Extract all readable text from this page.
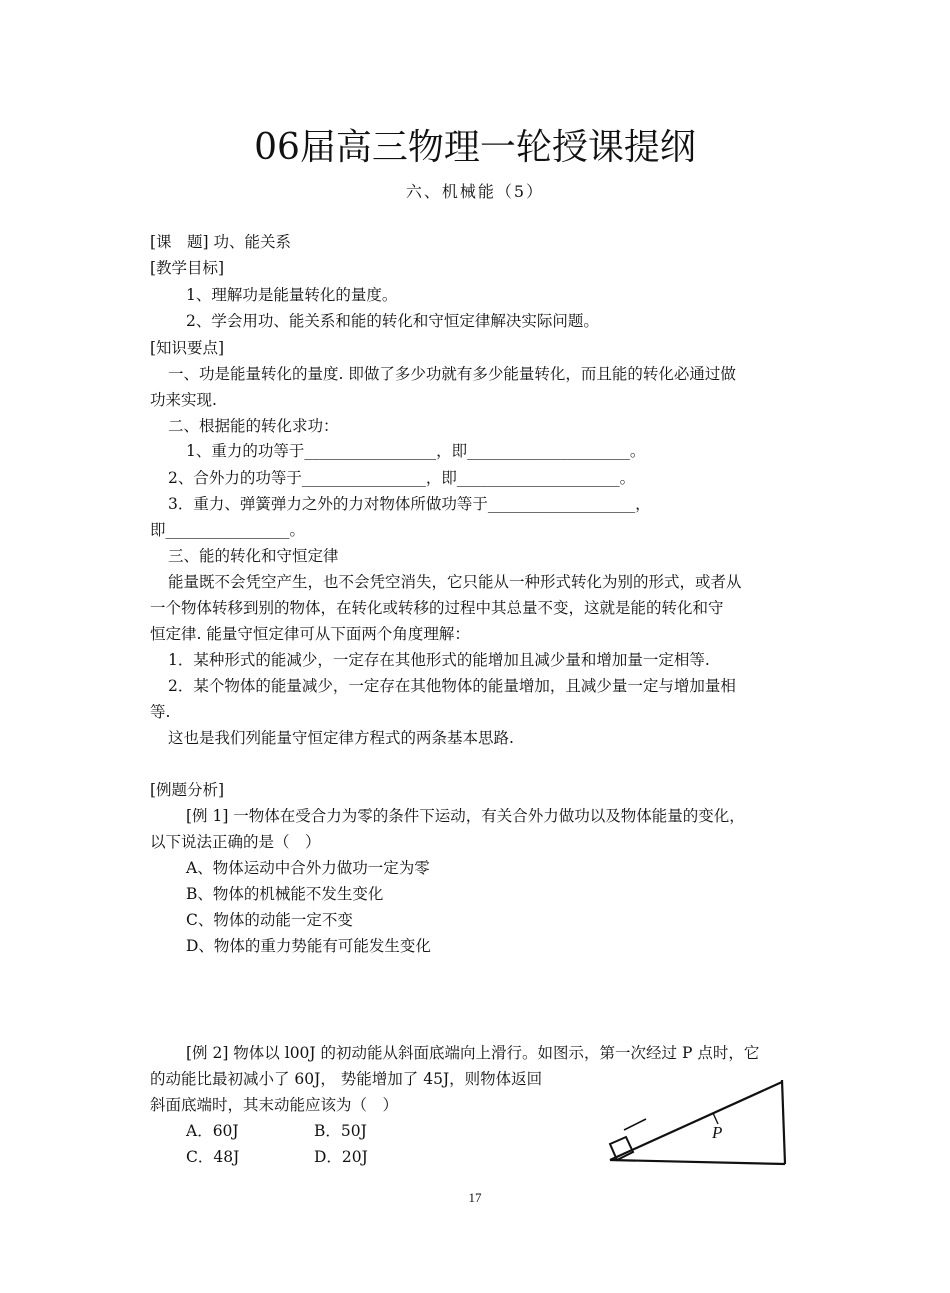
06届高三物理一轮授课提纲
六、机械能（5）
[课　题] 功、能关系
[教学目标]
1、理解功是能量转化的量度。
2、学会用功、能关系和能的转化和守恒定律解决实际问题。
[知识要点]
一、功是能量转化的量度. 即做了多少功就有多少能量转化，而且能的转化必通过做
功来实现.
二、根据能的转化求功：
1、重力的功等于_________________，即_____________________。
2、合外力的功等于________________，即_____________________。
3．重力、弹簧弹力之外的力对物体所做功等于___________________，
即________________。
三、能的转化和守恒定律
能量既不会凭空产生，也不会凭空消失，它只能从一种形式转化为别的形式，或者从
一个物体转移到别的物体，在转化或转移的过程中其总量不变，这就是能的转化和守
恒定律. 能量守恒定律可从下面两个角度理解：
1．某种形式的能减少，一定存在其他形式的能增加且减少量和增加量一定相等.
2．某个物体的能量减少，一定存在其他物体的能量增加，且减少量一定与增加量相
等.
这也是我们列能量守恒定律方程式的两条基本思路.
[例题分析]
[例 1] 一物体在受合力为零的条件下运动，有关合外力做功以及物体能量的变化，
以下说法正确的是（　）
A、物体运动中合外力做功一定为零
B、物体的机械能不发生变化
C、物体的动能一定不变
D、物体的重力势能有可能发生变化
[例 2] 物体以 l00J 的初动能从斜面底端向上滑行。如图示，第一次经过 P 点时，它
的动能比最初减小了 60J， 势能增加了 45J，则物体返回
斜面底端时，其末动能应该为（　）
A．60J	B．50J
C．48J	D．20J
P
17
